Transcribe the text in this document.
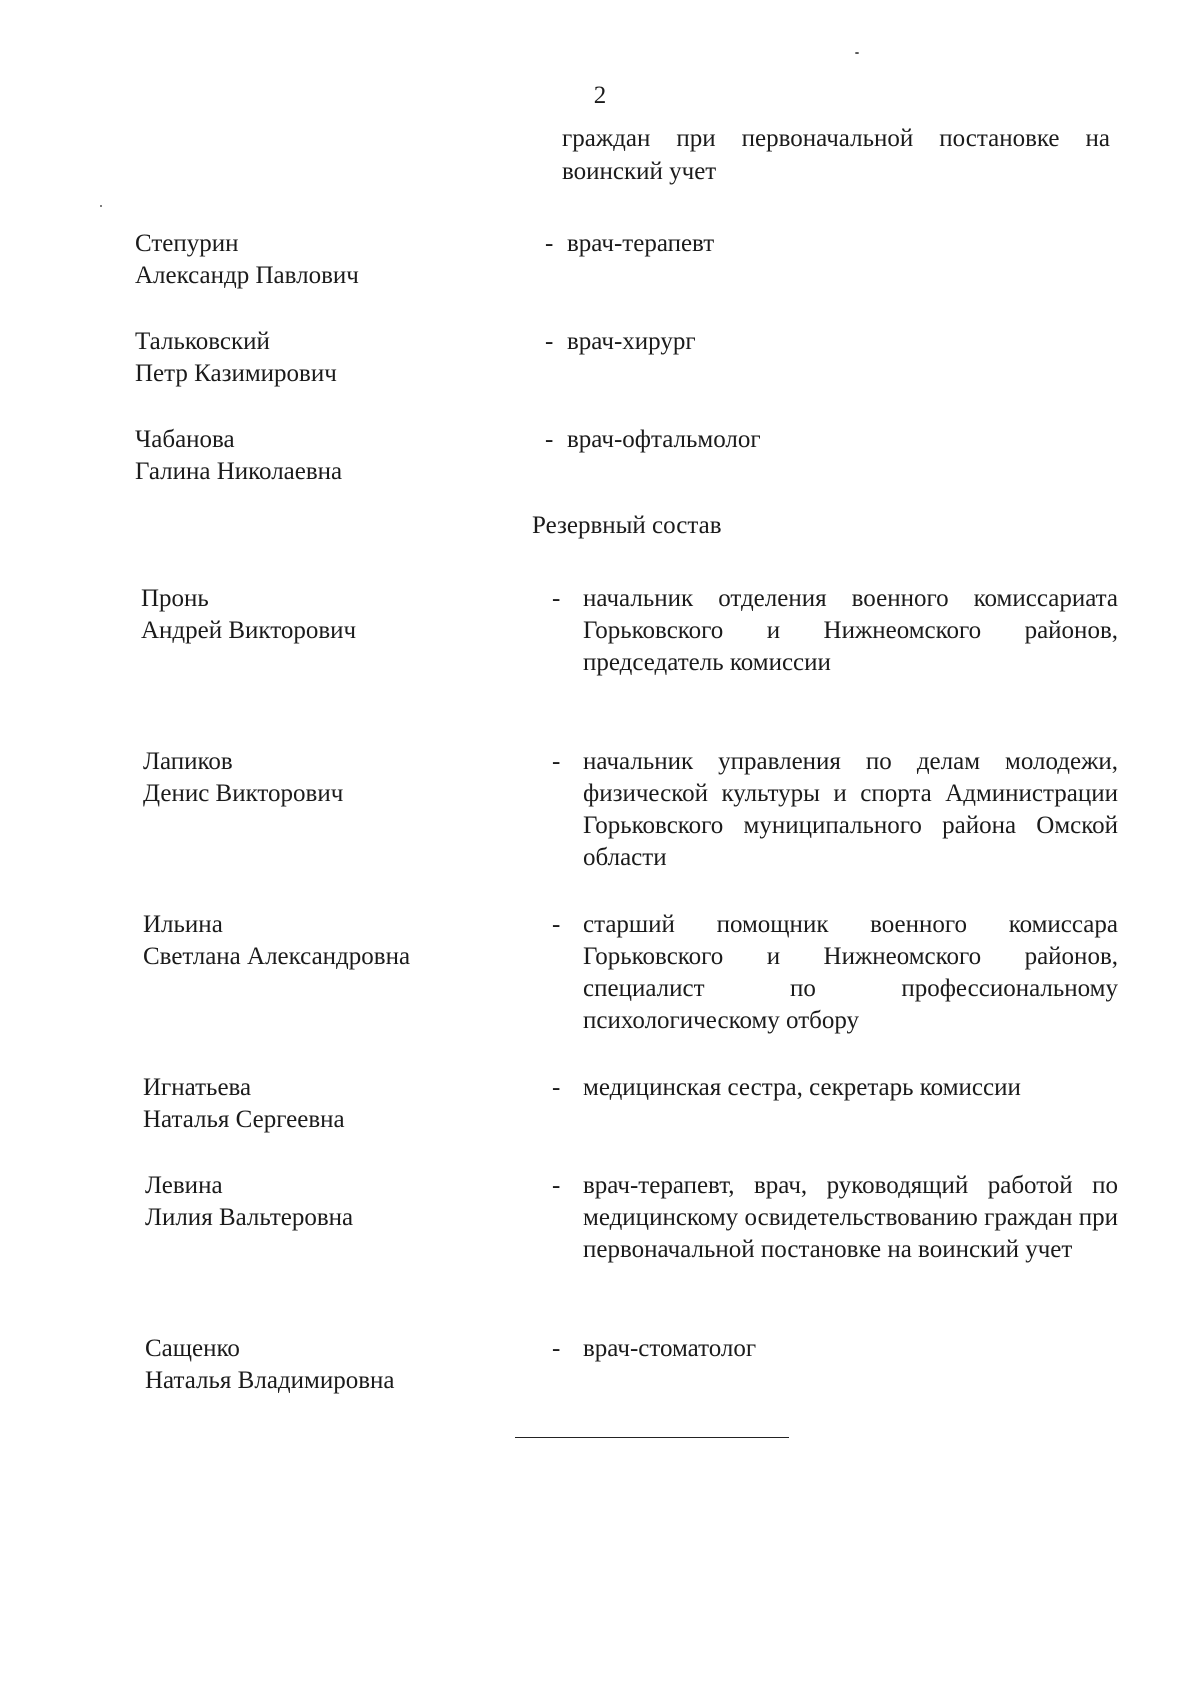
2
граждан при первоначальной постановке на воинский учет
Степурин
Александр Павлович
- врач-терапевт
Тальковский
Петр Казимирович
- врач-хирург
Чабанова
Галина Николаевна
- врач-офтальмолог
Резервный состав
Пронь
Андрей Викторович
- начальник отделения военного комиссариата Горьковского и Нижнеомского районов, председатель комиссии
Лапиков
Денис Викторович
- начальник управления по делам молодежи, физической культуры и спорта Администрации Горьковского муниципального района Омской области
Ильина
Светлана Александровна
- старший помощник военного комиссара Горьковского и Нижнеомского районов, специалист по профессиональному психологическому отбору
Игнатьева
Наталья Сергеевна
- медицинская сестра, секретарь комиссии
Левина
Лилия Вальтеровна
- врач-терапевт, врач, руководящий работой по медицинскому освидетельствованию граждан при первоначальной постановке на воинский учет
Сащенко
Наталья Владимировна
- врач-стоматолог
